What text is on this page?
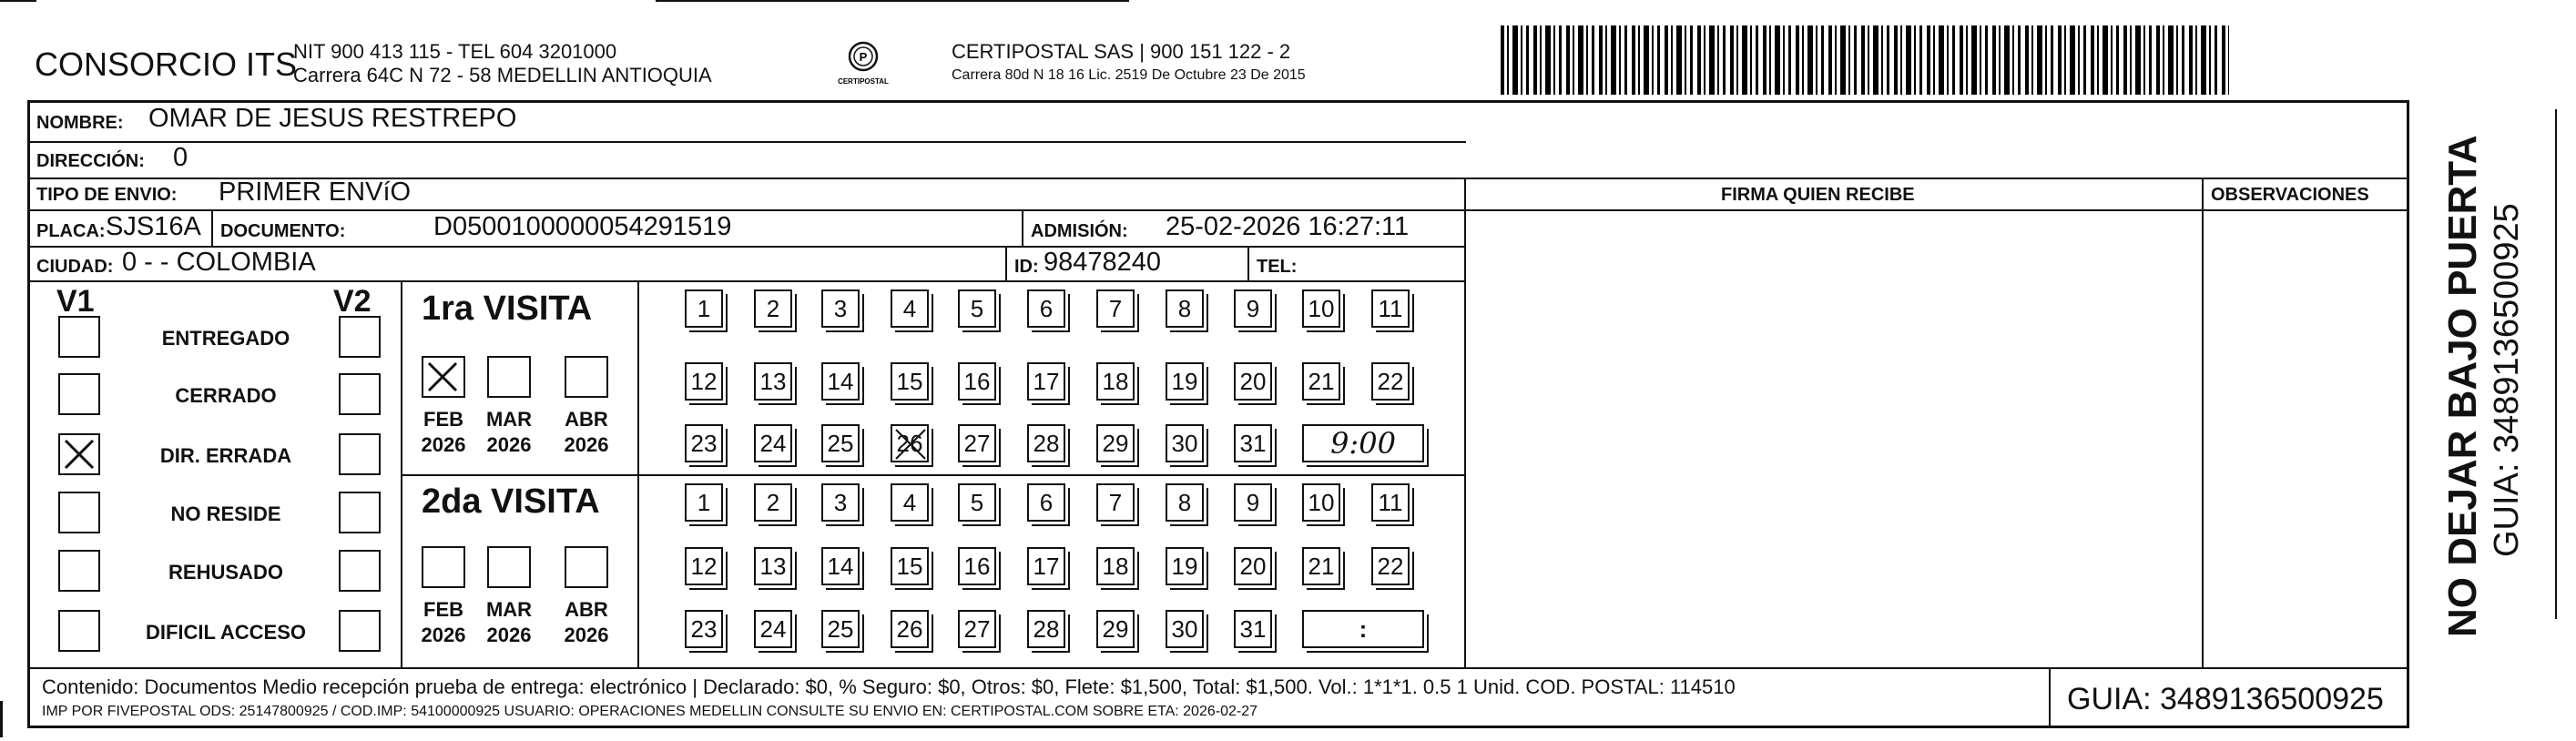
CONSORCIO ITS
NIT 900 413 115 - TEL 604 3201000
Carrera 64C N 72 - 58 MEDELLIN ANTIOQUIA
P
CERTIPOSTAL
CERTIPOSTAL SAS | 900 151 122 - 2
Carrera 80d N 18 16 Lic. 2519 De Octubre 23 De 2015
NOMBRE: OMAR DE JESUS RESTREPO
DIRECCIÓN: 0
TIPO DE ENVIO: PRIMER ENVíO
PLACA: SJS16A DOCUMENTO:	D0500100000054291519	ADMISIÓN: 25-02-2026 16:27:11
CIUDAD: 0 - - COLOMBIA	ID: 98478240	TEL:
FIRMA QUIEN RECIBE	OBSERVACIONES
V1	V2 1ra VISITA
2da VISITA
Contenido: Documentos Medio recepción prueba de entrega: electrónico | Declarado: $0, % Seguro: $0, Otros: $0, Flete: $1,500, Total: $1,500. Vol.: 1*1*1. 0.5 1 Unid. COD. POSTAL: 114510
IMP POR FIVEPOSTAL ODS: 25147800925 / COD.IMP: 54100000925 USUARIO: OPERACIONES MEDELLIN CONSULTE SU ENVIO EN: CERTIPOSTAL.COM SOBRE ETA: 2026-02-27	GUIA: 3489136500925
NO DEJAR BAJO PUERTA GUIA: 3489136500925
ENTREGADO
CERRADO
DIR. ERRADA
NO RESIDE
REHUSADO
DIFICIL ACCESO
FEB
2026
MAR
2026
ABR
2026
FEB
2026
MAR
2026
ABR
2026
1	2	3	4	5	6	7	8	9	10 11
12 13 14 15 16 17 18 19 20 21 22
23 24 25 26 27 28 29 30 31	9:00
1	2	3	4	5	6	7	8	9	10 11
12 13 14 15 16 17 18 19 20 21 22
23 24 25 26 27 28 29 30 31	:
